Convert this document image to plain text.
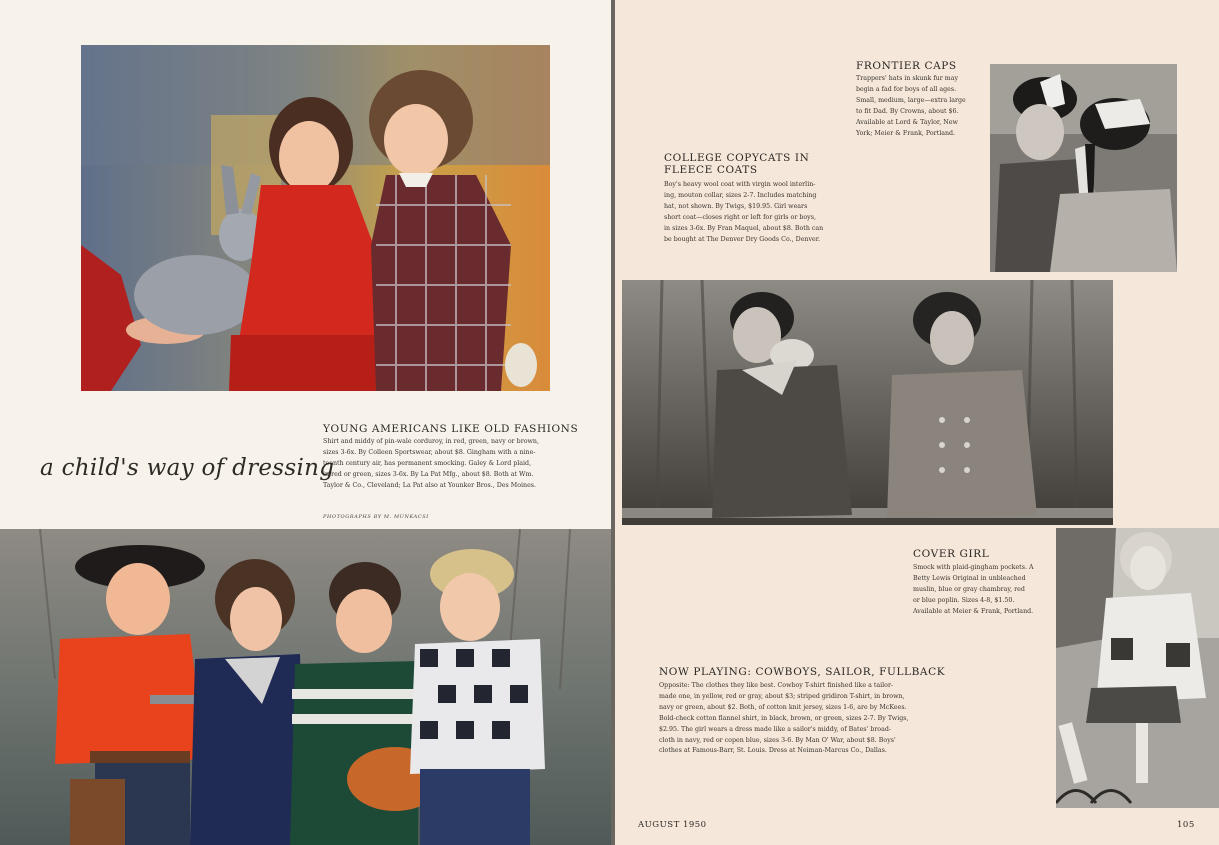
YOUNG AMERICANS LIKE OLD FASHIONS
Shirt and middy of pin-wale corduroy, in red, green, navy or brown,
sizes 3-6x. By Colleen Sportswear, about $8. Gingham with a nine-
teenth century air, has permanent smocking. Galey & Lord plaid,
in red or green, sizes 3-6x. By La Pat Mfg., about $8. Both at Wm.
Taylor & Co., Cleveland; La Pat also at Younker Bros., Des Moines.
a child's way of dressing
PHOTOGRAPHS BY M. MUNKACSI
FRONTIER CAPS
Trappers' hats in skunk fur may
begin a fad for boys of all ages.
Small, medium, large—extra large
to fit Dad. By Crowns, about $6.
Available at Lord & Taylor, New
York; Meier & Frank, Portland.
COLLEGE COPYCATS IN
FLEECE COATS
Boy's heavy wool coat with virgin wool interlin-
ing, mouton collar, sizes 2-7. Includes matching
hat, not shown. By Twigs, $19.95. Girl wears
short coat—closes right or left for girls or boys,
in sizes 3-6x. By Fran Maquel, about $8. Both can
be bought at The Denver Dry Goods Co., Denver.
COVER GIRL
Smock with plaid-gingham pockets. A
Betty Lewis Original in unbleached
muslin, blue or gray chambray, red
or blue poplin. Sizes 4-8, $1.50.
Available at Meier & Frank, Portland.
NOW PLAYING: COWBOYS, SAILOR, FULLBACK
Opposite: The clothes they like best. Cowboy T-shirt finished like a tailor-
made one, in yellow, red or gray, about $3; striped gridiron T-shirt, in brown,
navy or green, about $2. Both, of cotton knit jersey, sizes 1-6, are by McKees.
Bold-check cotton flannel shirt, in black, brown, or green, sizes 2-7. By Twigs,
$2.95. The girl wears a dress made like a sailor's middy, of Bates' broad-
cloth in navy, red or copen blue, sizes 3-6. By Man O' War, about $8. Boys'
clothes at Famous-Barr, St. Louis. Dress at Neiman-Marcus Co., Dallas.
AUGUST 1950	105
